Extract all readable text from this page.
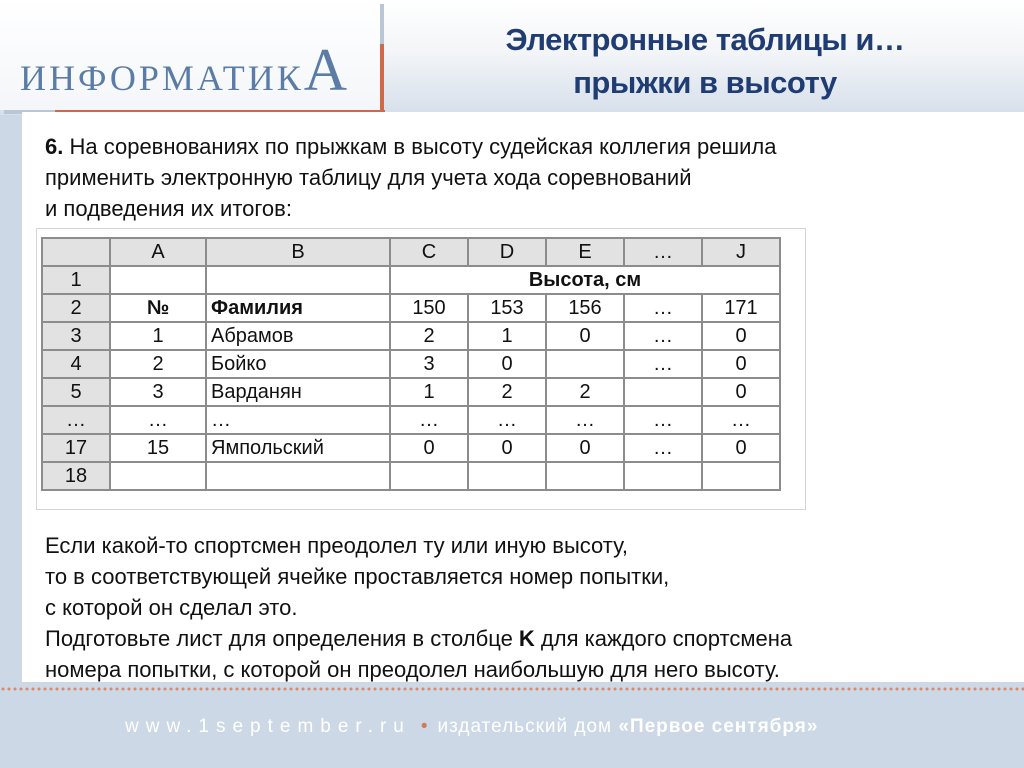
ИНФОРМАТИКА	Электронные таблицы и…
прыжки в высоту

6. На соревнованиях по прыжкам в высоту судейская коллегия решила

применить электронную таблицу для учета хода соревнований

и подведения их итогов:

	A	B	C	D	E	…	J
1			Высота, см				
2	№	Фамилия	150	153	156	…	171
3	1	Абрамов	2	1	0	…	0
4	2	Бойко	3	0		…	0
5	3	Варданян	1	2	2		0
…	…	…	…	…	…	…	…
17	15	Ямпольский	0	0	0	…	0
18							

Если какой-то спортсмен преодолел ту или иную высоту,

то в соответствующей ячейке проставляется номер попытки,

с которой он сделал это.

Подготовьте лист для определения в столбце K для каждого спортсмена

номера попытки, с которой он преодолел наибольшую для него высоту.

www.1september.ru • издательский дом «Первое сентября»
